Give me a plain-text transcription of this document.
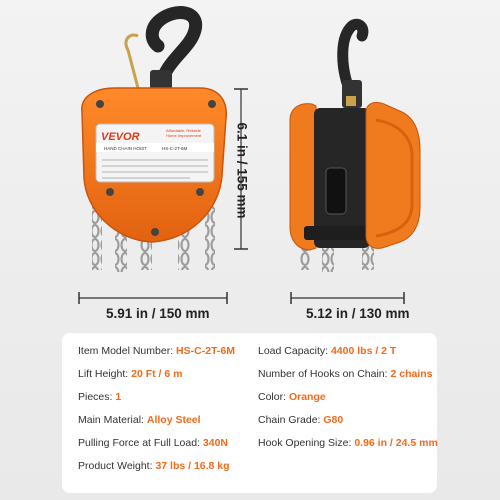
VEVOR
Affordable, Reliable
Home Improvement
HAND CHAIN HOIST	HS-C-2T-6M	6.1 in / 155 mm
5.91 in / 150 mm	5.12 in / 130 mm
Item Model Number: HS-C-2T-6M
Lift Height: 20 Ft / 6 m
Pieces: 1
Main Material: Alloy Steel
Pulling Force at Full Load: 340N
Product Weight: 37 lbs / 16.8 kg
Load Capacity: 4400 lbs / 2 T
Number of Hooks on Chain: 2 chains
Color: Orange
Chain Grade: G80
Hook Opening Size: 0.96 in / 24.5 mm
